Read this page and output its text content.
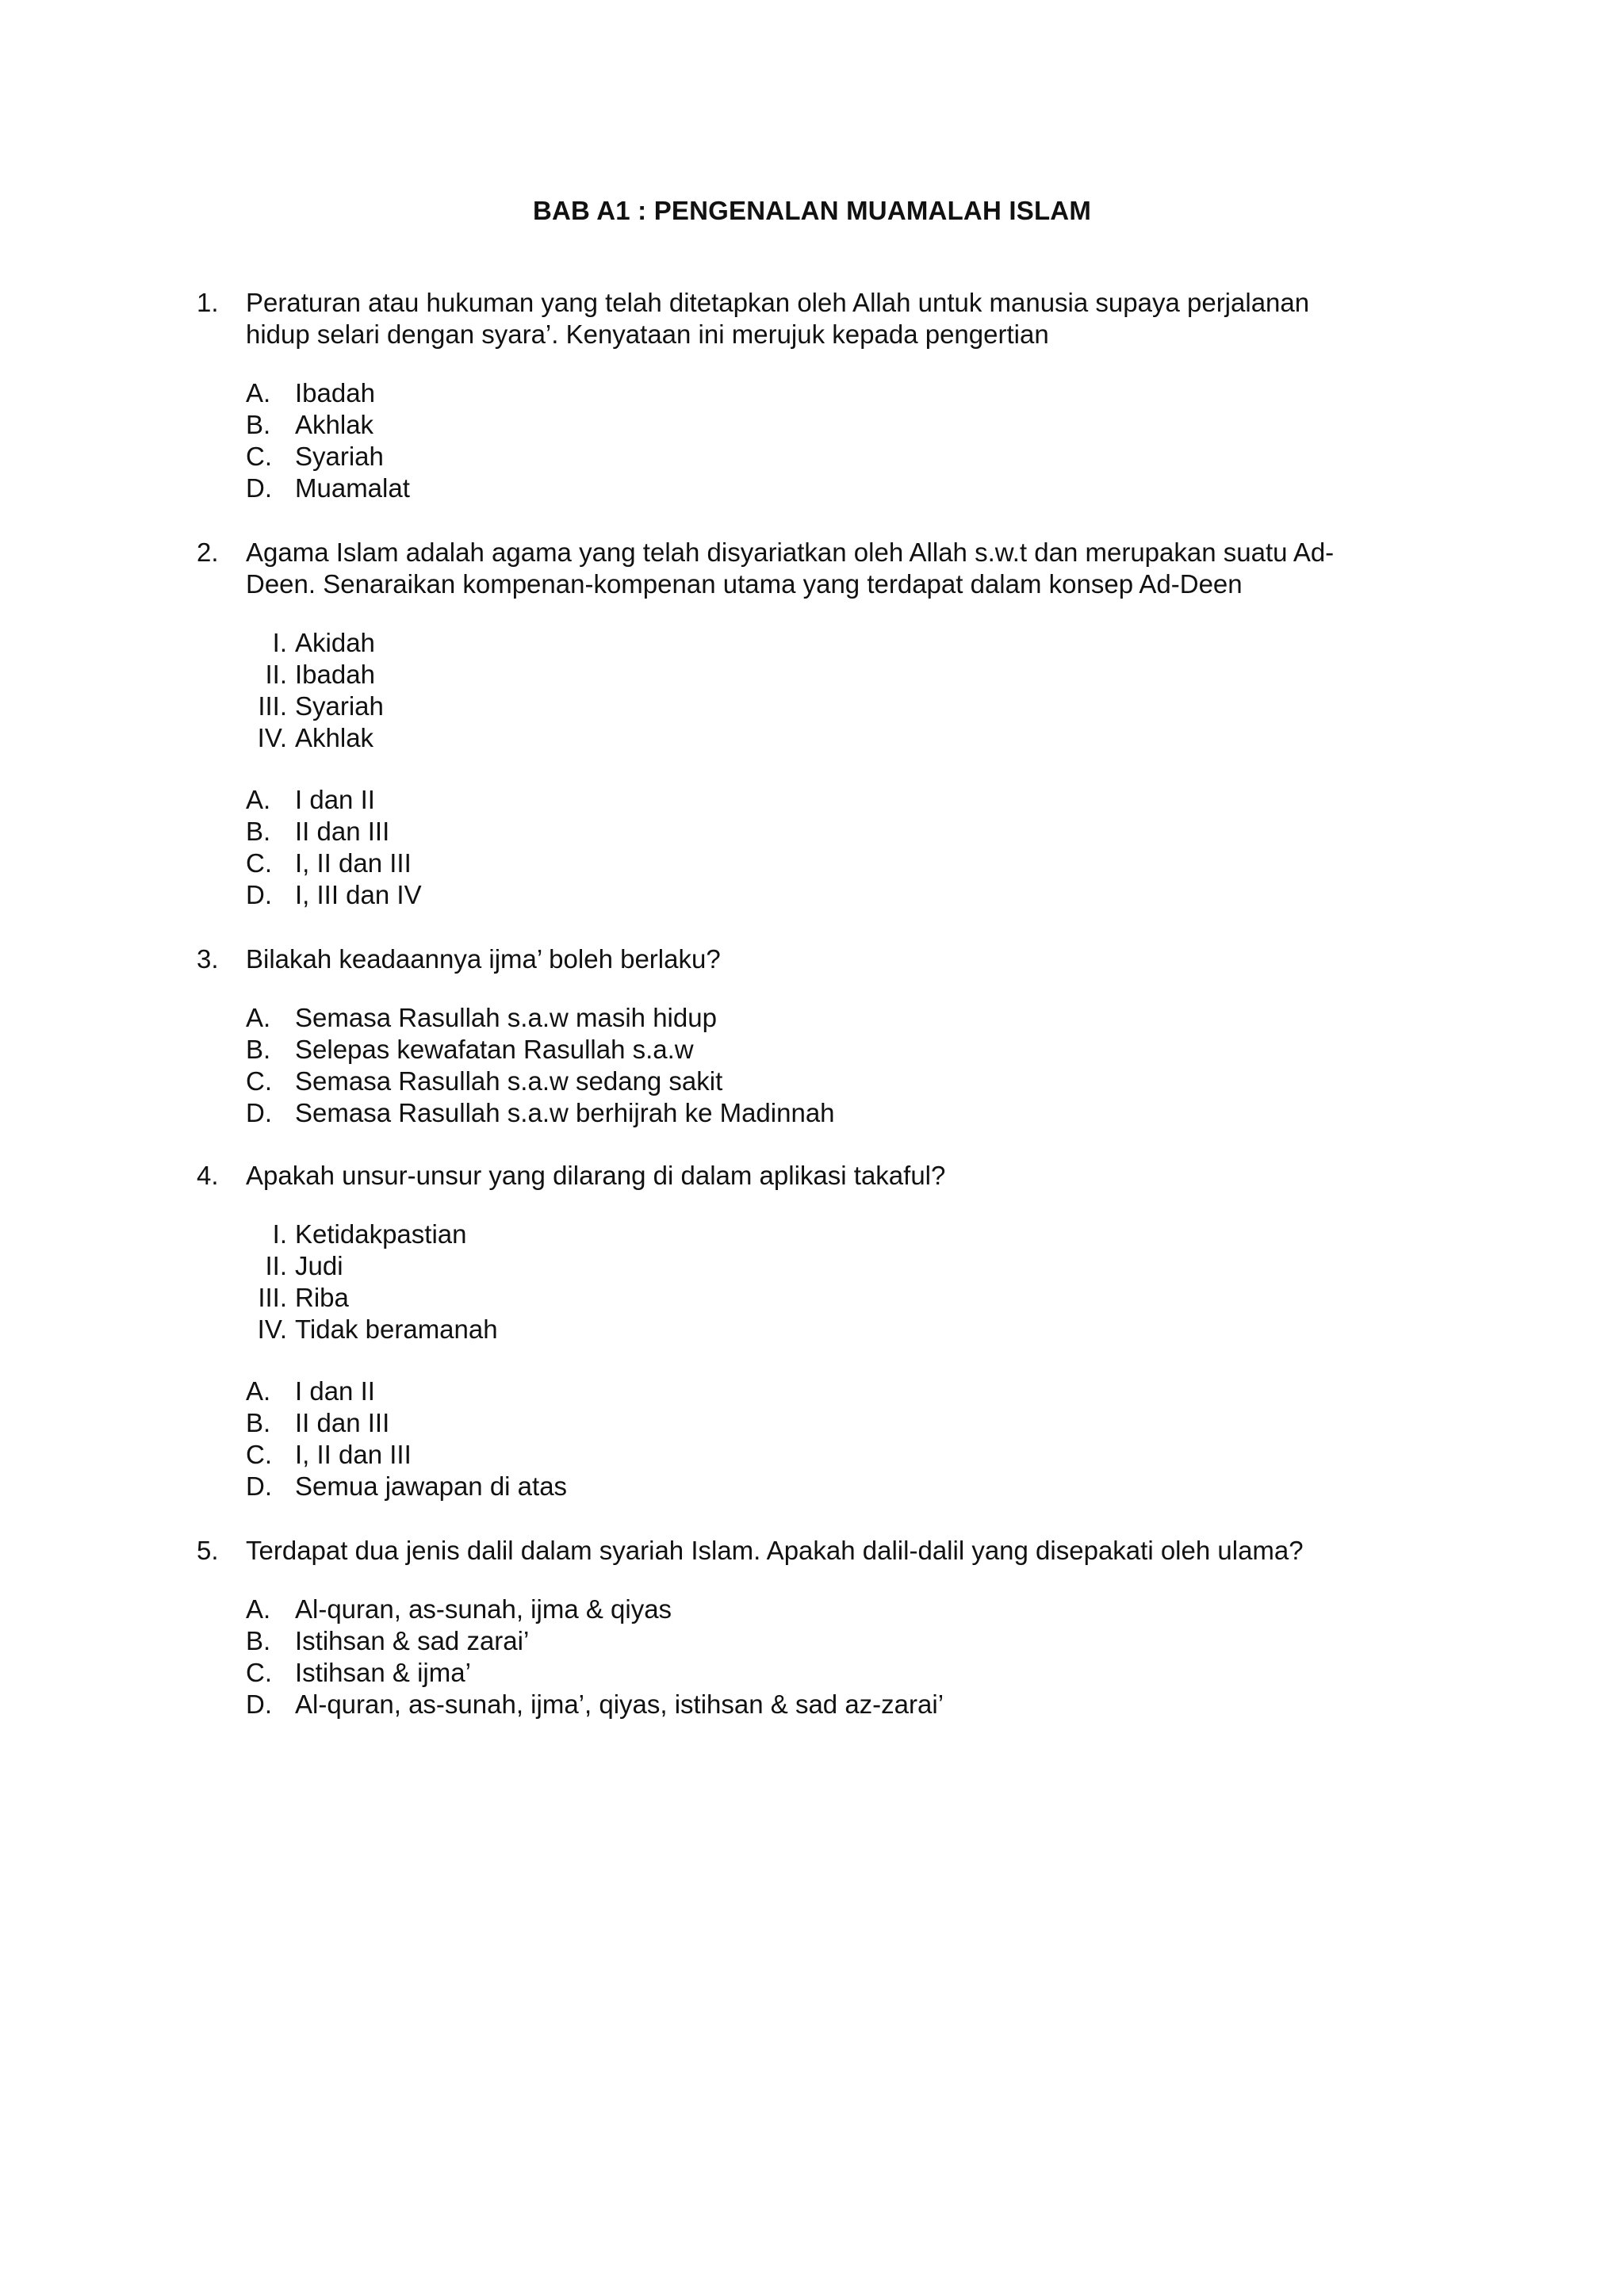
BAB A1 : PENGENALAN MUAMALAH ISLAM
1.	Peraturan atau hukuman yang telah ditetapkan oleh Allah untuk manusia supaya perjalanan
hidup selari dengan syara’. Kenyataan ini merujuk kepada pengertian
A. Ibadah
B. Akhlak
C. Syariah
D. Muamalat
2.	Agama Islam adalah agama yang telah disyariatkan oleh Allah s.w.t dan merupakan suatu Ad-
Deen. Senaraikan kompenan-kompenan utama yang terdapat dalam konsep Ad-Deen
I. Akidah
II. Ibadah
III. Syariah
IV. Akhlak
A. I dan II
B. II dan III
C. I, II dan III
D. I, III dan IV
3.	Bilakah keadaannya ijma’ boleh berlaku?
A. Semasa Rasullah s.a.w masih hidup
B. Selepas kewafatan Rasullah s.a.w
C. Semasa Rasullah s.a.w sedang sakit
D. Semasa Rasullah s.a.w berhijrah ke Madinnah
4.	Apakah unsur-unsur yang dilarang di dalam aplikasi takaful?
I. Ketidakpastian
II. Judi
III. Riba
IV. Tidak beramanah
A. I dan II
B. II dan III
C. I, II dan III
D. Semua jawapan di atas
5.	Terdapat dua jenis dalil dalam syariah Islam. Apakah dalil-dalil yang disepakati oleh ulama?
A. Al-quran, as-sunah, ijma & qiyas
B. Istihsan & sad zarai’
C. Istihsan & ijma’
D. Al-quran, as-sunah, ijma’, qiyas, istihsan & sad az-zarai’
